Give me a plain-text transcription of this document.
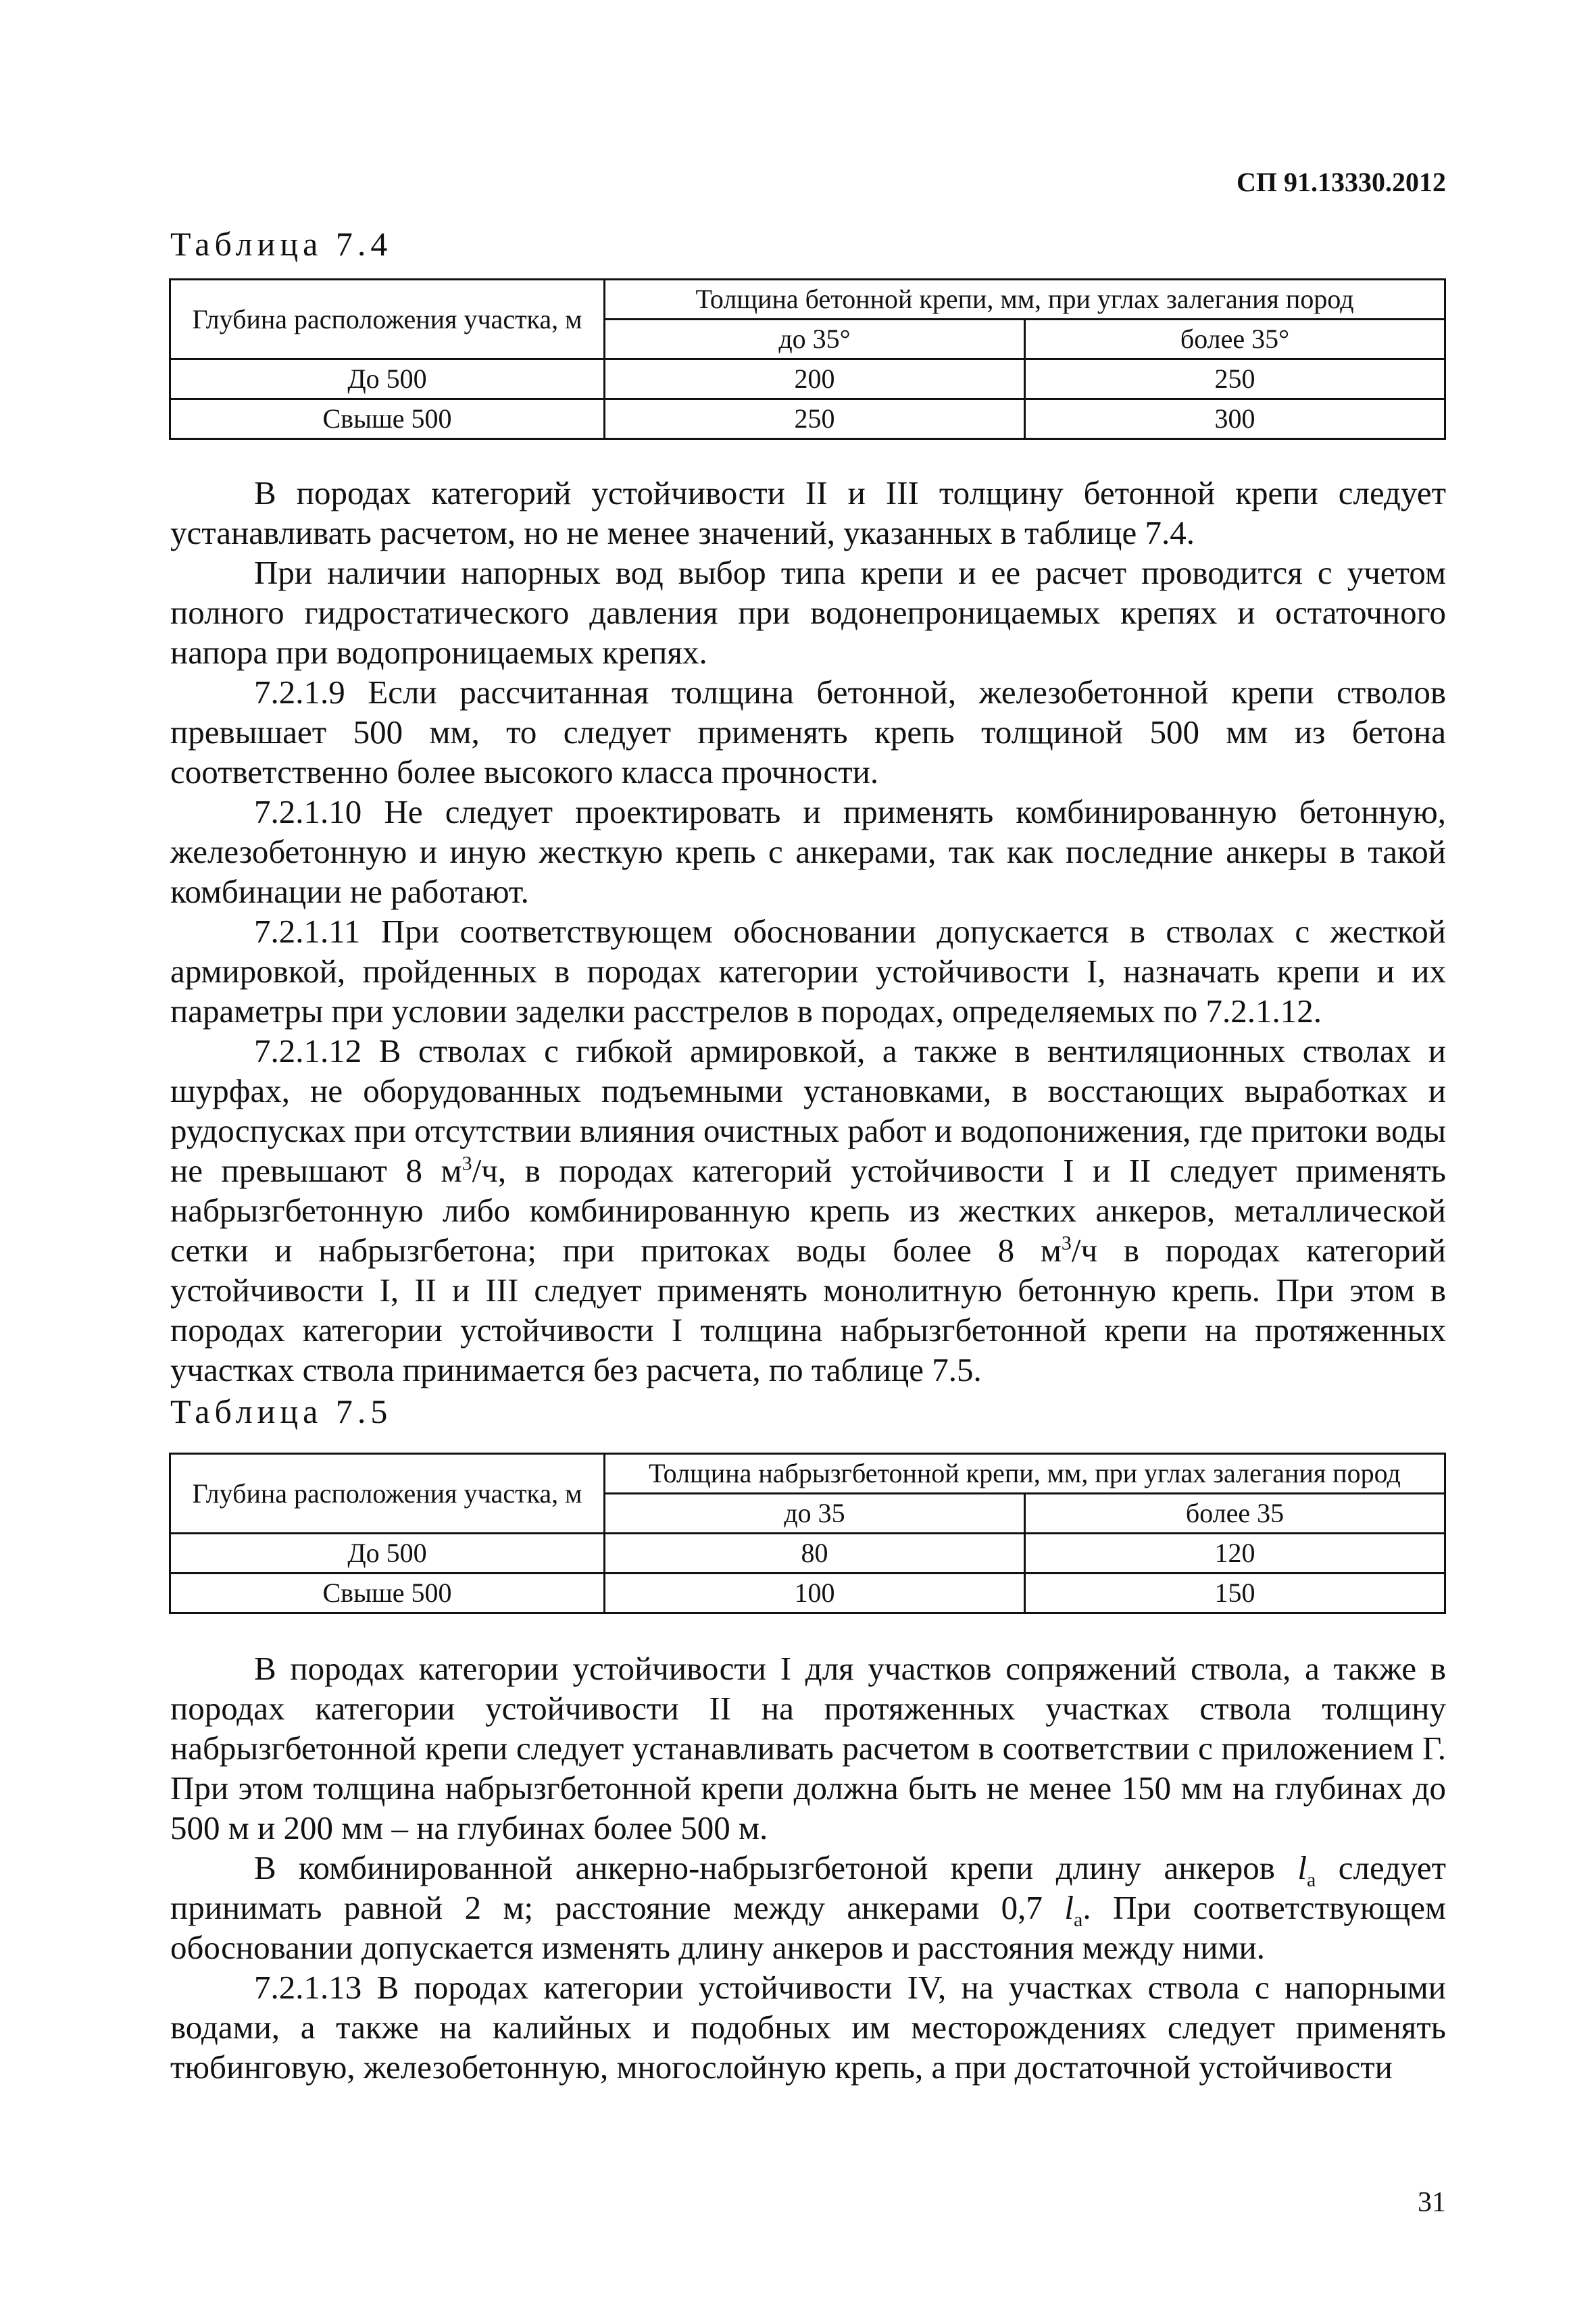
СП 91.13330.2012
Таблица 7.4
Глубина расположения участка, м	Толщина бетонной крепи, мм, при углах залегания пород	
	до 35°	более 35°
До 500	200	250
Свыше 500	250	300

В породах категорий устойчивости II и III толщину бетонной крепи следует устанавливать расчетом, но не менее значений, указанных в таблице 7.4.

При наличии напорных вод выбор типа крепи и ее расчет проводится с учетом полного гидростатического давления при водонепроницаемых крепях и остаточного напора при водопроницаемых крепях.

7.2.1.9 Если рассчитанная толщина бетонной, железобетонной крепи стволов превышает 500 мм, то следует применять крепь толщиной 500 мм из бетона соответственно более высокого класса прочности.

7.2.1.10 Не следует проектировать и применять комбинированную бетонную, железобетонную и иную жесткую крепь с анкерами, так как последние анкеры в такой комбинации не работают.

7.2.1.11 При соответствующем обосновании допускается в стволах с жесткой армировкой, пройденных в породах категории устойчивости I, назначать крепи и их параметры при условии заделки расстрелов в породах, определяемых по 7.2.1.12.

7.2.1.12 В стволах с гибкой армировкой, а также в вентиляционных стволах и шурфах, не оборудованных подъемными установками, в восстающих выработках и рудоспусках при отсутствии влияния очистных работ и водопонижения, где притоки воды не превышают 8 $м^3/ч$, в породах категорий устойчивости I и II следует применять набрызгбетонную либо комбинированную крепь из жестких анкеров, металлической сетки и набрызгбетона; при притоках воды более 8 $м^3/ч$ в породах категорий устойчивости I, II и III следует применять монолитную бетонную крепь. При этом в породах категории устойчивости I толщина набрызгбетонной крепи на протяженных участках ствола принимается без расчета, по таблице 7.5.

Таблица 7.5
Глубина расположения участка, м	Толщина набрызгбетонной крепи, мм, при углах залегания пород	
	до 35	более 35
До 500	80	120
Свыше 500	100	150

В породах категории устойчивости I для участков сопряжений ствола, а также в породах категории устойчивости II на протяженных участках ствола толщину набрызгбетонной крепи следует устанавливать расчетом в соответствии с приложением Г. При этом толщина набрызгбетонной крепи должна быть не менее 150 мм на глубинах до 500 м и 200 мм – на глубинах более 500 м.

В комбинированной анкерно-набрызгбетоной крепи длину анкеров $l_а$ следует принимать равной 2 м; расстояние между анкерами 0,7 $l_а$. При соответствующем обосновании допускается изменять длину анкеров и расстояния между ними.

7.2.1.13 В породах категории устойчивости IV, на участках ствола с напорными водами, а также на калийных и подобных им месторождениях следует применять тюбинговую, железобетонную, многослойную крепь, а при достаточной устойчивости

31
